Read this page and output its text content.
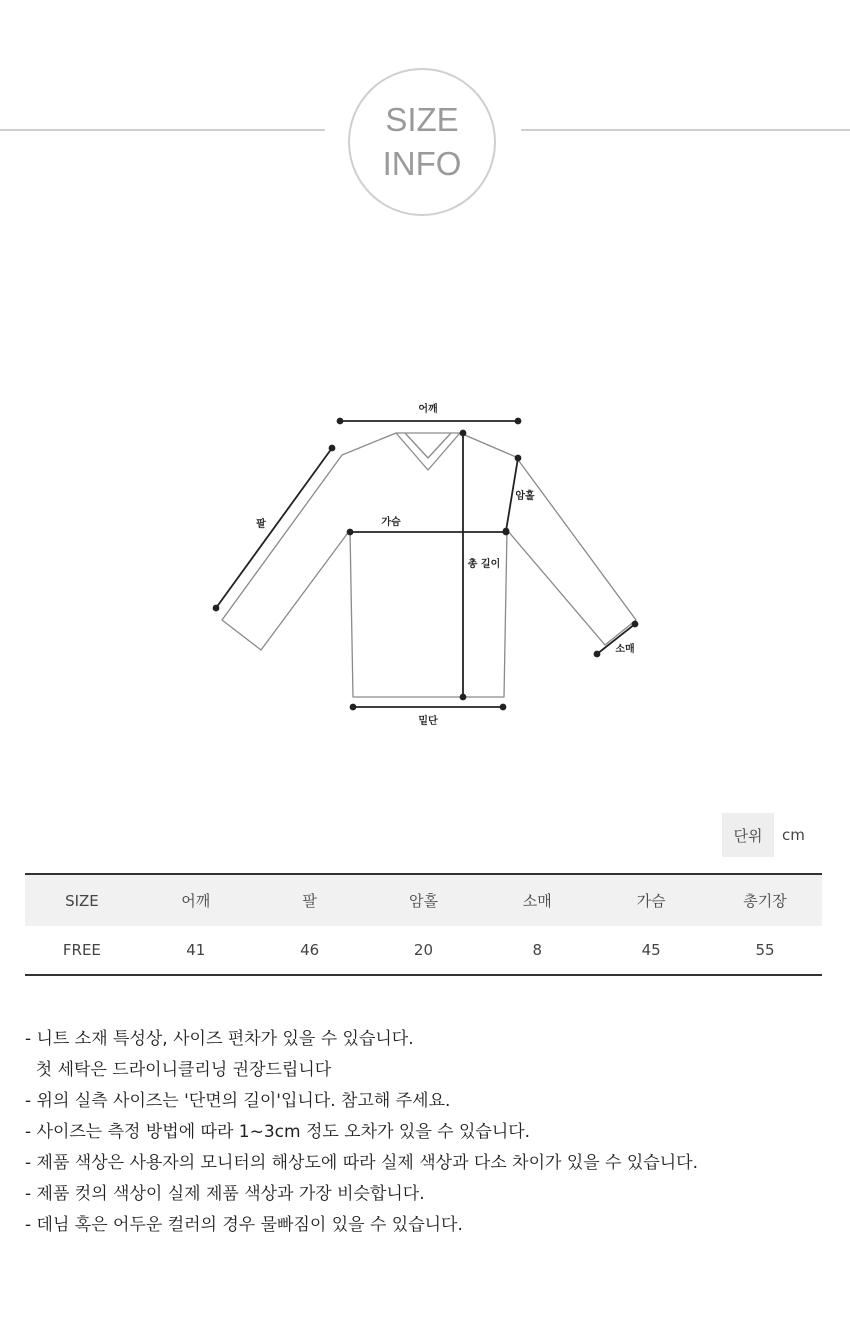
SIZE
INFO
어깨
팔
암홀
가슴
총 길이
소매
밑단
단위	cm
SIZE	어깨	팔	암홀	소매	가슴	총기장
FREE	41	46	20	8	45	55
- 니트 소재 특성상, 사이즈 편차가 있을 수 있습니다.
첫 세탁은 드라이니클리닝 권장드립니다
- 위의 실측 사이즈는 '단면의 길이'입니다. 참고해 주세요.
- 사이즈는 측정 방법에 따라 1~3cm 정도 오차가 있을 수 있습니다.
- 제품 색상은 사용자의 모니터의 해상도에 따라 실제 색상과 다소 차이가 있을 수 있습니다.
- 제품 컷의 색상이 실제 제품 색상과 가장 비슷합니다.
- 데님 혹은 어두운 컬러의 경우 물빠짐이 있을 수 있습니다.
